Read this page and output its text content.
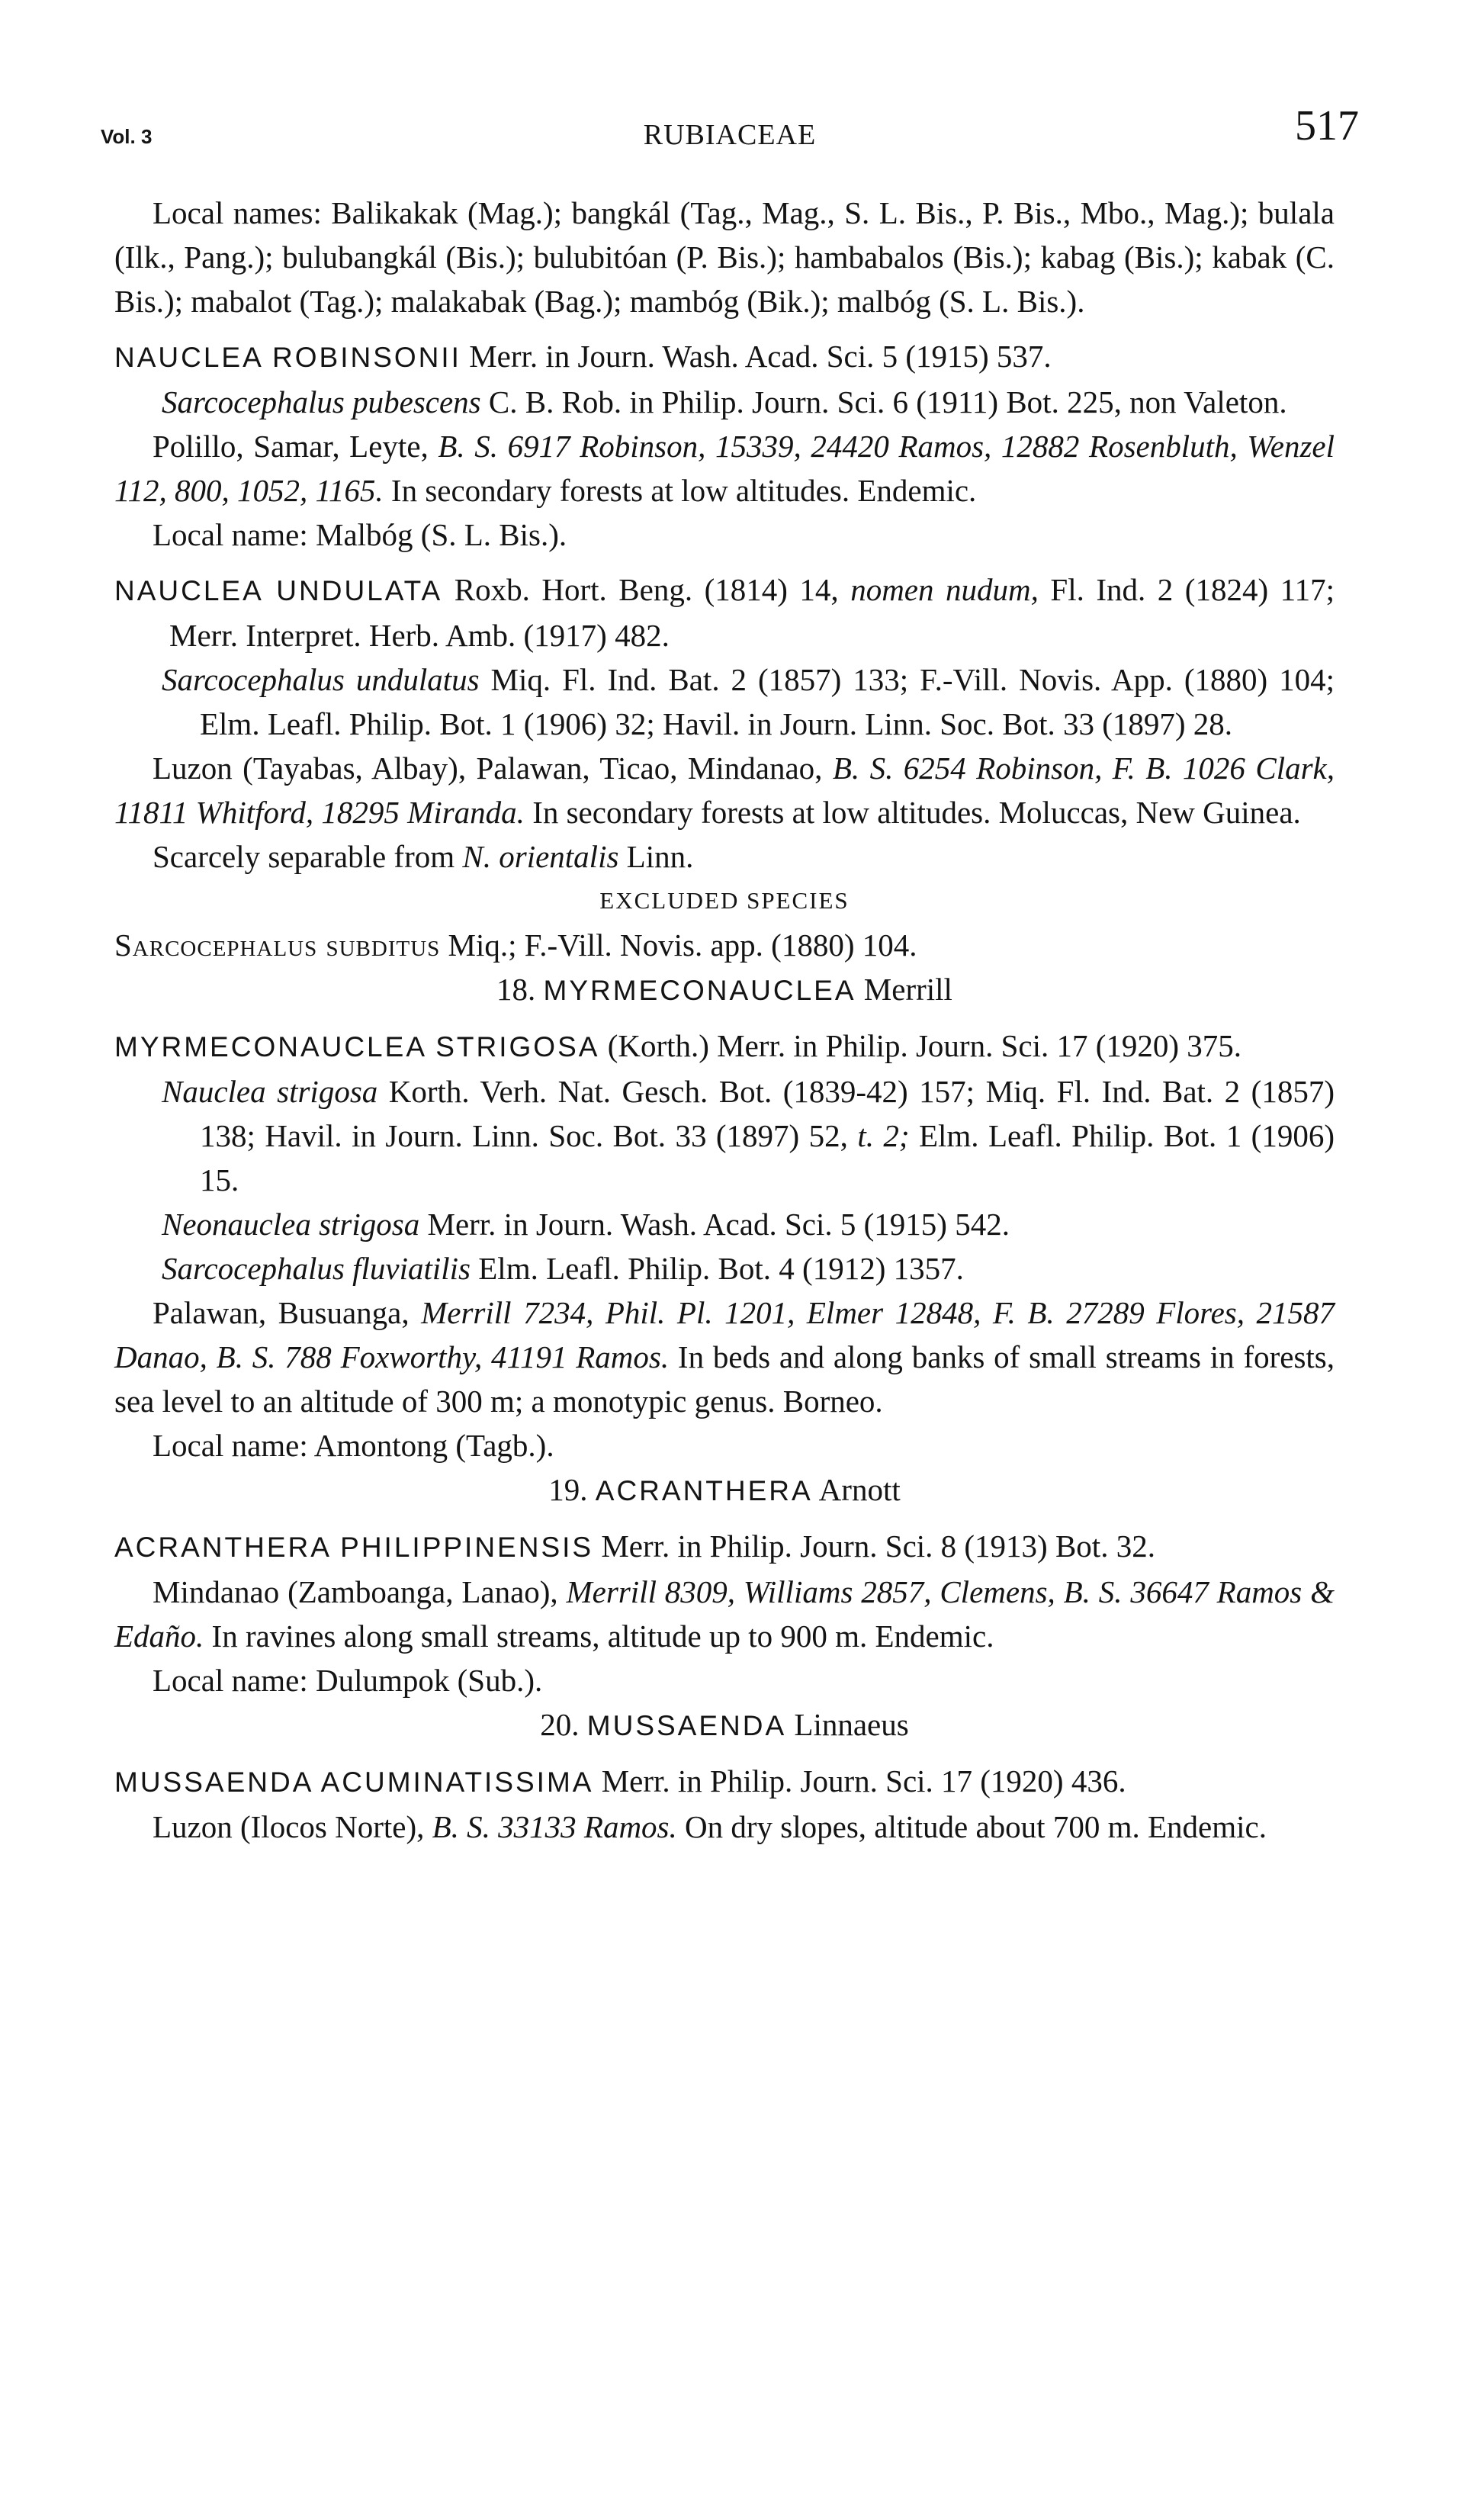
Vol. 3	RUBIACEAE	517

Local names: Balikakak (Mag.); bangkál (Tag., Mag., S. L. Bis., P. Bis., Mbo., Mag.); bulala (Ilk., Pang.); bulubangkál (Bis.); bulubitóan (P. Bis.); hambabalos (Bis.); kabag (Bis.); kabak (C. Bis.); mabalot (Tag.); malakabak (Bag.); mambóg (Bik.); malbóg (S. L. Bis.).

NAUCLEA ROBINSONII Merr. in Journ. Wash. Acad. Sci. 5 (1915) 537.

Sarcocephalus pubescens C. B. Rob. in Philip. Journ. Sci. 6 (1911) Bot. 225, non Valeton.

Polillo, Samar, Leyte, B. S. 6917 Robinson, 15339, 24420 Ramos, 12882 Rosenbluth, Wenzel 112, 800, 1052, 1165. In secondary forests at low altitudes. Endemic.

Local name: Malbóg (S. L. Bis.).

NAUCLEA UNDULATA Roxb. Hort. Beng. (1814) 14, nomen nudum, Fl. Ind. 2 (1824) 117; Merr. Interpret. Herb. Amb. (1917) 482.

Sarcocephalus undulatus Miq. Fl. Ind. Bat. 2 (1857) 133; F.-Vill. Novis. App. (1880) 104; Elm. Leafl. Philip. Bot. 1 (1906) 32; Havil. in Journ. Linn. Soc. Bot. 33 (1897) 28.

Luzon (Tayabas, Albay), Palawan, Ticao, Mindanao, B. S. 6254 Robinson, F. B. 1026 Clark, 11811 Whitford, 18295 Miranda. In secondary forests at low altitudes. Moluccas, New Guinea.

Scarcely separable from N. orientalis Linn.

EXCLUDED SPECIES

Sarcocephalus subditus Miq.; F.-Vill. Novis. app. (1880) 104.

18. MYRMECONAUCLEA Merrill

MYRMECONAUCLEA STRIGOSA (Korth.) Merr. in Philip. Journ. Sci. 17 (1920) 375.

Nauclea strigosa Korth. Verh. Nat. Gesch. Bot. (1839-42) 157; Miq. Fl. Ind. Bat. 2 (1857) 138; Havil. in Journ. Linn. Soc. Bot. 33 (1897) 52, t. 2; Elm. Leafl. Philip. Bot. 1 (1906) 15.

Neonauclea strigosa Merr. in Journ. Wash. Acad. Sci. 5 (1915) 542.

Sarcocephalus fluviatilis Elm. Leafl. Philip. Bot. 4 (1912) 1357.

Palawan, Busuanga, Merrill 7234, Phil. Pl. 1201, Elmer 12848, F. B. 27289 Flores, 21587 Danao, B. S. 788 Foxworthy, 41191 Ramos. In beds and along banks of small streams in forests, sea level to an altitude of 300 m; a monotypic genus. Borneo.

Local name: Amontong (Tagb.).

19. ACRANTHERA Arnott

ACRANTHERA PHILIPPINENSIS Merr. in Philip. Journ. Sci. 8 (1913) Bot. 32.

Mindanao (Zamboanga, Lanao), Merrill 8309, Williams 2857, Clemens, B. S. 36647 Ramos & Edaño. In ravines along small streams, altitude up to 900 m. Endemic.

Local name: Dulumpok (Sub.).

20. MUSSAENDA Linnaeus

MUSSAENDA ACUMINATISSIMA Merr. in Philip. Journ. Sci. 17 (1920) 436.

Luzon (Ilocos Norte), B. S. 33133 Ramos. On dry slopes, altitude about 700 m. Endemic.
